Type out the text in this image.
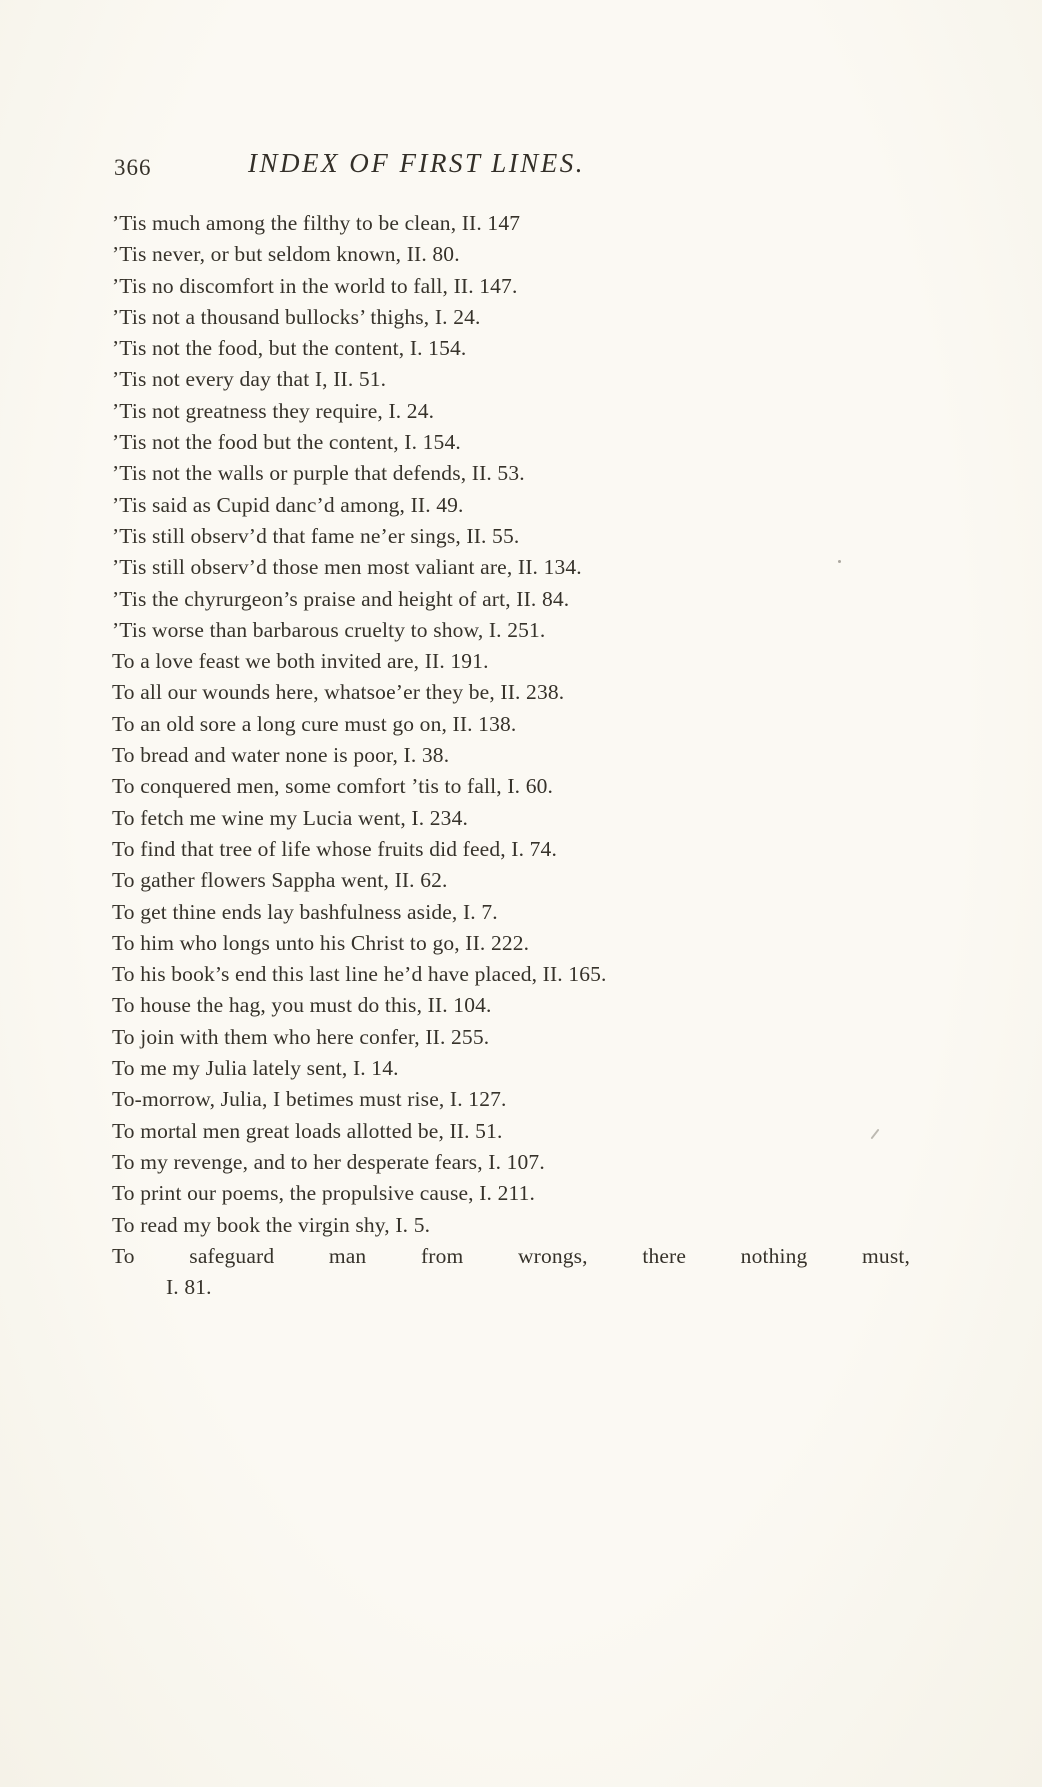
366	INDEX OF FIRST LINES.
’Tis much among the filthy to be clean, II. 147
’Tis never, or but seldom known, II. 80.
’Tis no discomfort in the world to fall, II. 147.
’Tis not a thousand bullocks’ thighs, I. 24.
’Tis not the food, but the content, I. 154.
’Tis not every day that I, II. 51.
’Tis not greatness they require, I. 24.
’Tis not the food but the content, I. 154.
’Tis not the walls or purple that defends, II. 53.
’Tis said as Cupid danc’d among, II. 49.
’Tis still observ’d that fame ne’er sings, II. 55.
’Tis still observ’d those men most valiant are, II. 134.
’Tis the chyrurgeon’s praise and height of art, II. 84.
’Tis worse than barbarous cruelty to show, I. 251.
To a love feast we both invited are, II. 191.
To all our wounds here, whatsoe’er they be, II. 238.
To an old sore a long cure must go on, II. 138.
To bread and water none is poor, I. 38.
To conquered men, some comfort ’tis to fall, I. 60.
To fetch me wine my Lucia went, I. 234.
To find that tree of life whose fruits did feed, I. 74.
To gather flowers Sappha went, II. 62.
To get thine ends lay bashfulness aside, I. 7.
To him who longs unto his Christ to go, II. 222.
To his book’s end this last line he’d have placed, II. 165.
To house the hag, you must do this, II. 104.
To join with them who here confer, II. 255.
To me my Julia lately sent, I. 14.
To-morrow, Julia, I betimes must rise, I. 127.
To mortal men great loads allotted be, II. 51.
To my revenge, and to her desperate fears, I. 107.
To print our poems, the propulsive cause, I. 211.
To read my book the virgin shy, I. 5.
To safeguard man from wrongs, there nothing must,
I. 81.
